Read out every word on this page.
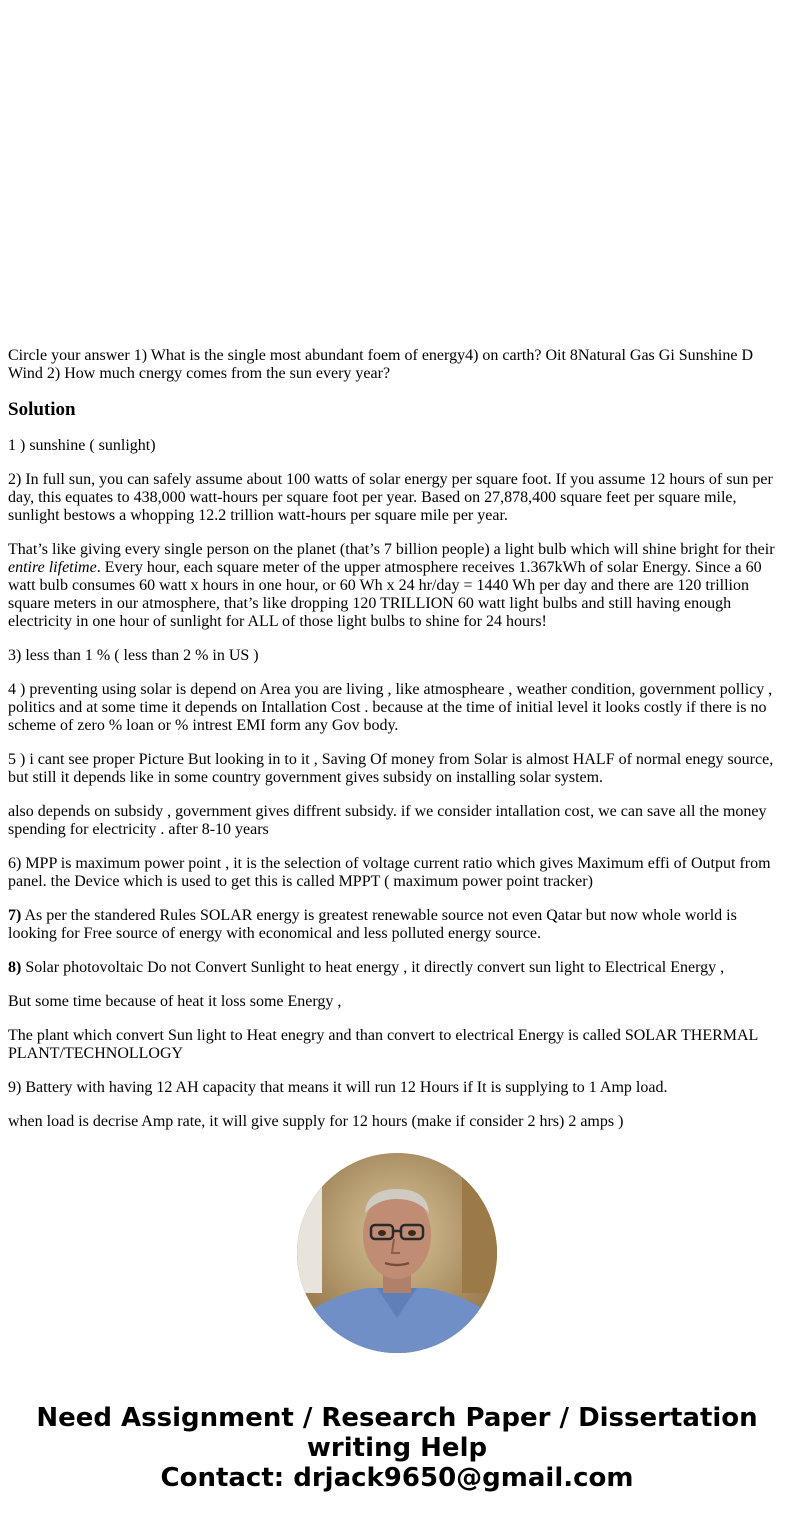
Circle your answer 1) What is the single most abundant foem of energy4) on carth? Oit 8Natural Gas Gi Sunshine D Wind 2) How much cnergy comes from the sun every year?

Solution

1 ) sunshine ( sunlight)

2) In full sun, you can safely assume about 100 watts of solar energy per square foot. If you assume 12 hours of sun per day, this equates to 438,000 watt-hours per square foot per year. Based on 27,878,400 square feet per square mile, sunlight bestows a whopping 12.2 trillion watt-hours per square mile per year.

That’s like giving every single person on the planet (that’s 7 billion people) a light bulb which will shine bright for their entire lifetime. Every hour, each square meter of the upper atmosphere receives 1.367kWh of solar Energy. Since a 60 watt bulb consumes 60 watt x hours in one hour, or 60 Wh x 24 hr/day = 1440 Wh per day and there are 120 trillion square meters in our atmosphere, that’s like dropping 120 TRILLION 60 watt light bulbs and still having enough electricity in one hour of sunlight for ALL of those light bulbs to shine for 24 hours!

3) less than 1 % ( less than 2 % in US )

4 ) preventing using solar is depend on Area you are living , like atmospheare , weather condition, government pollicy , politics and at some time it depends on Intallation Cost . because at the time of initial level it looks costly if there is no scheme of zero % loan or % intrest EMI form any Gov body.

5 ) i cant see proper Picture But looking in to it , Saving Of money from Solar is almost HALF of normal enegy source, but still it depends like in some country government gives subsidy on installing solar system.

also depends on subsidy , government gives diffrent subsidy. if we consider intallation cost, we can save all the money spending for electricity . after 8-10 years

6) MPP is maximum power point , it is the selection of voltage current ratio which gives Maximum effi of Output from panel. the Device which is used to get this is called MPPT ( maximum power point tracker)

7) As per the standered Rules SOLAR energy is greatest renewable source not even Qatar but now whole world is looking for Free source of energy with economical and less polluted energy source.

8) Solar photovoltaic Do not Convert Sunlight to heat energy , it directly convert sun light to Electrical Energy ,

But some time because of heat it loss some Energy ,

The plant which convert Sun light to Heat enegry and than convert to electrical Energy is called SOLAR THERMAL PLANT/TECHNOLLOGY

9) Battery with having 12 AH capacity that means it will run 12 Hours if It is supplying to 1 Amp load.

when load is decrise Amp rate, it will give supply for 12 hours (make if consider 2 hrs) 2 amps )

Need Assignment / Research Paper / Dissertation
writing Help
Contact: drjack9650@gmail.com
